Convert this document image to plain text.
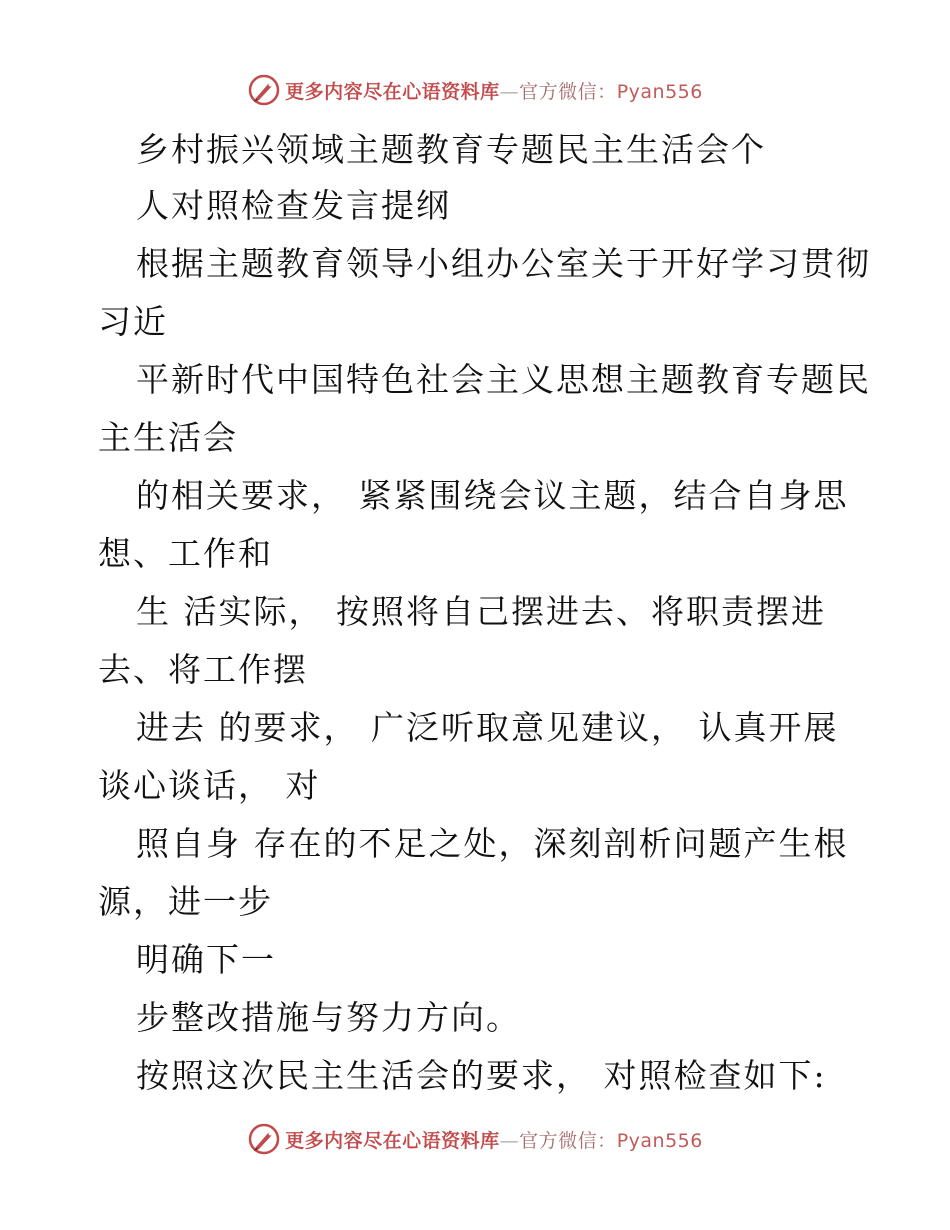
更多内容尽在心语资料库—官方微信：Pyan556
乡村振兴领域主题教育专题民主生活会个
人对照检查发言提纲
根据主题教育领导小组办公室关于开好学习贯彻
习近
平新时代中国特色社会主义思想主题教育专题民
主生活会
的相关要求， 紧紧围绕会议主题，结合自身思
想、工作和
生 活实际， 按照将自己摆进去、将职责摆进
去、将工作摆
进去 的要求， 广泛听取意见建议， 认真开展
谈心谈话， 对
照自身 存在的不足之处，深刻剖析问题产生根
源，进一步
明确下一
步整改措施与努力方向。
按照这次民主生活会的要求， 对照检查如下:
更多内容尽在心语资料库—官方微信：Pyan556
